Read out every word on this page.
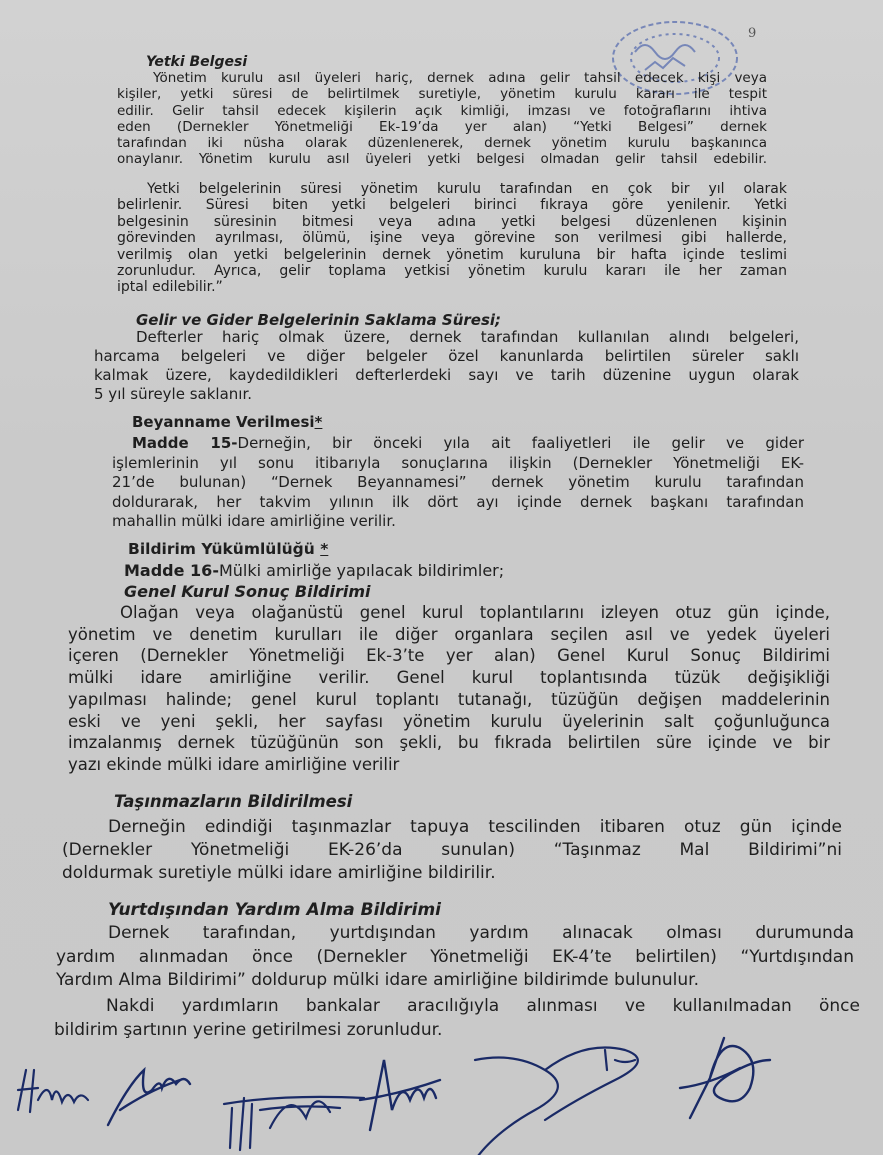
9
Yetki Belgesi
Yönetim kurulu asıl üyeleri hariç, dernek adına gelir tahsil edecek kişi veya
kişiler, yetki süresi de belirtilmek suretiyle, yönetim kurulu kararı ile tespit
edilir. Gelir tahsil edecek kişilerin açık kimliği, imzası ve fotoğraflarını ihtiva
eden (Dernekler Yönetmeliği Ek-19’da yer alan) “Yetki Belgesi” dernek
tarafından iki nüsha olarak düzenlenerek, dernek yönetim kurulu başkanınca
onaylanır. Yönetim kurulu asıl üyeleri yetki belgesi olmadan gelir tahsil edebilir.
Yetki belgelerinin süresi yönetim kurulu tarafından en çok bir yıl olarak
belirlenir. Süresi biten yetki belgeleri birinci fıkraya göre yenilenir. Yetki
belgesinin süresinin bitmesi veya adına yetki belgesi düzenlenen kişinin
görevinden ayrılması, ölümü, işine veya görevine son verilmesi gibi hallerde,
verilmiş olan yetki belgelerinin dernek yönetim kuruluna bir hafta içinde teslimi
zorunludur. Ayrıca, gelir toplama yetkisi yönetim kurulu kararı ile her zaman
iptal edilebilir.”
Gelir ve Gider Belgelerinin Saklama Süresi;
Defterler hariç olmak üzere, dernek tarafından kullanılan alındı belgeleri,
harcama belgeleri ve diğer belgeler özel kanunlarda belirtilen süreler saklı
kalmak üzere, kaydedildikleri defterlerdeki sayı ve tarih düzenine uygun olarak
5 yıl süreyle saklanır.
Beyanname Verilmesi*
Madde 15-Derneğin, bir önceki yıla ait faaliyetleri ile gelir ve gider
işlemlerinin yıl sonu itibarıyla sonuçlarına ilişkin (Dernekler Yönetmeliği EK-
21’de bulunan) “Dernek Beyannamesi” dernek yönetim kurulu tarafından
doldurarak, her takvim yılının ilk dört ayı içinde dernek başkanı tarafından
mahallin mülki idare amirliğine verilir.
Bildirim Yükümlülüğü *
Madde 16-Mülki amirliğe yapılacak bildirimler;
Genel Kurul Sonuç Bildirimi
Olağan veya olağanüstü genel kurul toplantılarını izleyen otuz gün içinde,
yönetim ve denetim kurulları ile diğer organlara seçilen asıl ve yedek üyeleri
içeren (Dernekler Yönetmeliği Ek-3’te yer alan) Genel Kurul Sonuç Bildirimi
mülki idare amirliğine verilir. Genel kurul toplantısında tüzük değişikliği
yapılması halinde; genel kurul toplantı tutanağı, tüzüğün değişen maddelerinin
eski ve yeni şekli, her sayfası yönetim kurulu üyelerinin salt çoğunluğunca
imzalanmış dernek tüzüğünün son şekli, bu fıkrada belirtilen süre içinde ve bir
yazı ekinde mülki idare amirliğine verilir
Taşınmazların Bildirilmesi
Derneğin edindiği taşınmazlar tapuya tescilinden itibaren otuz gün içinde
(Dernekler Yönetmeliği EK-26’da sunulan) “Taşınmaz Mal Bildirimi”ni
doldurmak suretiyle mülki idare amirliğine bildirilir.
Yurtdışından Yardım Alma Bildirimi
Dernek tarafından, yurtdışından yardım alınacak olması durumunda
yardım alınmadan önce (Dernekler Yönetmeliği EK-4’te belirtilen) “Yurtdışından
Yardım Alma Bildirimi” doldurup mülki idare amirliğine bildirimde bulunulur.
Nakdi yardımların bankalar aracılığıyla alınması ve kullanılmadan önce
bildirim şartının yerine getirilmesi zorunludur.
